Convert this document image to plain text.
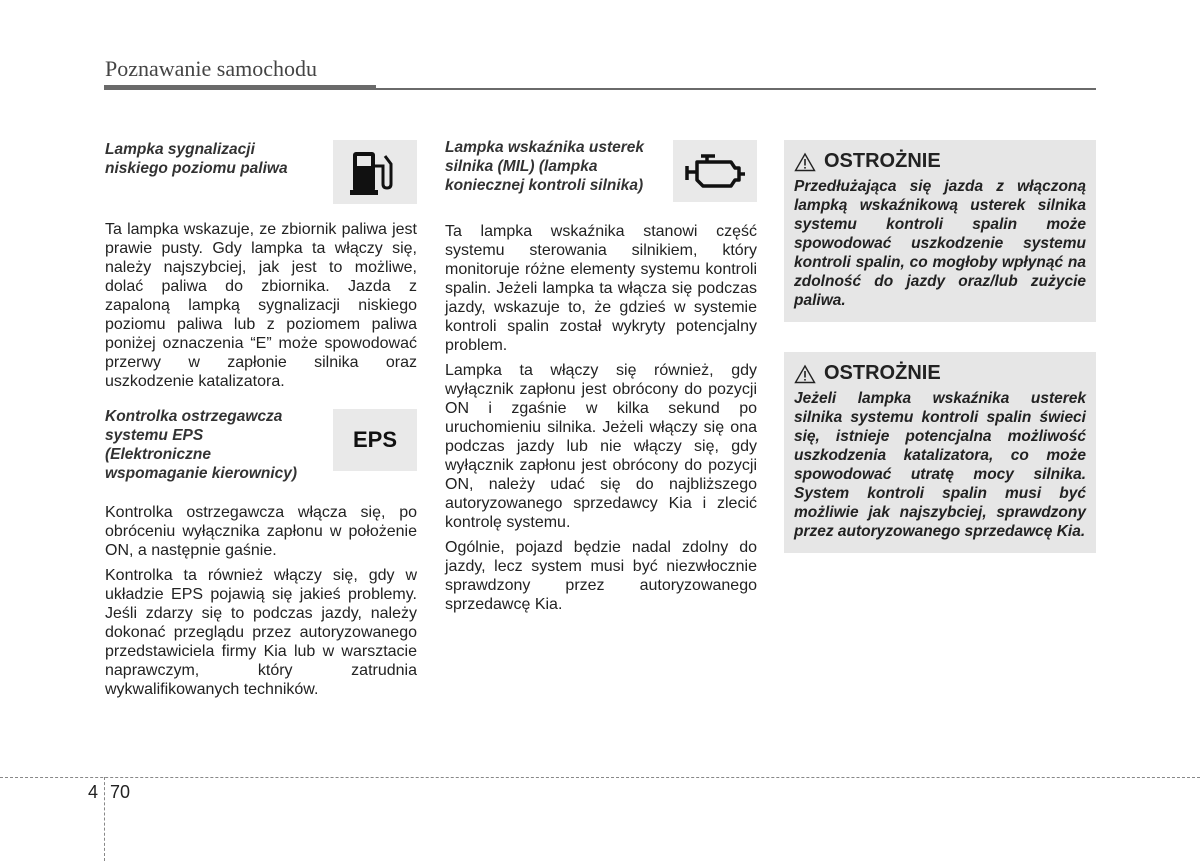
Poznawanie samochodu
Lampka sygnalizacji
niskiego poziomu paliwa

Ta lampka wskazuje, ze zbiornik paliwa jest prawie pusty. Gdy lampka ta włączy się, należy najszybciej, jak jest to możliwe, dolać paliwa do zbiornika. Jazda z zapaloną lampką sygnalizacji niskiego poziomu paliwa lub z poziomem paliwa poniżej oznaczenia “E” może spowodować przerwy w zapłonie silnika oraz uszkodzenie katalizatora.

Kontrolka ostrzegawcza
systemu EPS
(Elektroniczne
wspomaganie kierownicy)
EPS

Kontrolka ostrzegawcza włącza się, po obróceniu wyłącznika zapłonu w położenie ON, a następnie gaśnie.

Kontrolka ta również włączy się, gdy w układzie EPS pojawią się jakieś problemy. Jeśli zdarzy się to podczas jazdy, należy dokonać przeglądu przez autoryzowanego przedstawiciela firmy Kia lub w warsztacie naprawczym, który zatrudnia wykwalifikowanych techników.

Lampka wskaźnika usterek
silnika (MIL) (lampka
koniecznej kontroli silnika)

Ta lampka wskaźnika stanowi część systemu sterowania silnikiem, który monitoruje różne elementy systemu kontroli spalin. Jeżeli lampka ta włącza się podczas jazdy, wskazuje to, że gdzieś w systemie kontroli spalin został wykryty potencjalny problem.

Lampka ta włączy się również, gdy wyłącznik zapłonu jest obrócony do pozycji ON i zgaśnie w kilka sekund po uruchomieniu silnika. Jeżeli włączy się ona podczas jazdy lub nie włączy się, gdy wyłącznik zapłonu jest obrócony do pozycji ON, należy udać się do najbliższego autoryzowanego sprzedawcy Kia i zlecić kontrolę systemu.

Ogólnie, pojazd będzie nadal zdolny do jazdy, lecz system musi być niezwłocznie sprawdzony przez autoryzowanego sprzedawcę Kia.

OSTROŻNIE
Przedłużająca się jazda z włączoną lampką wskaźnikową usterek silnika systemu kontroli spalin może spowodować uszkodzenie systemu kontroli spalin, co mogłoby wpłynąć na zdolność do jazdy oraz/lub zużycie paliwa.
OSTROŻNIE
Jeżeli lampka wskaźnika usterek silnika systemu kontroli spalin świeci się, istnieje potencjalna możliwość uszkodzenia katalizatora, co może spowodować utratę mocy silnika. System kontroli spalin musi być możliwie jak najszybciej, sprawdzony przez autoryzowanego sprzedawcę Kia.
4 70
